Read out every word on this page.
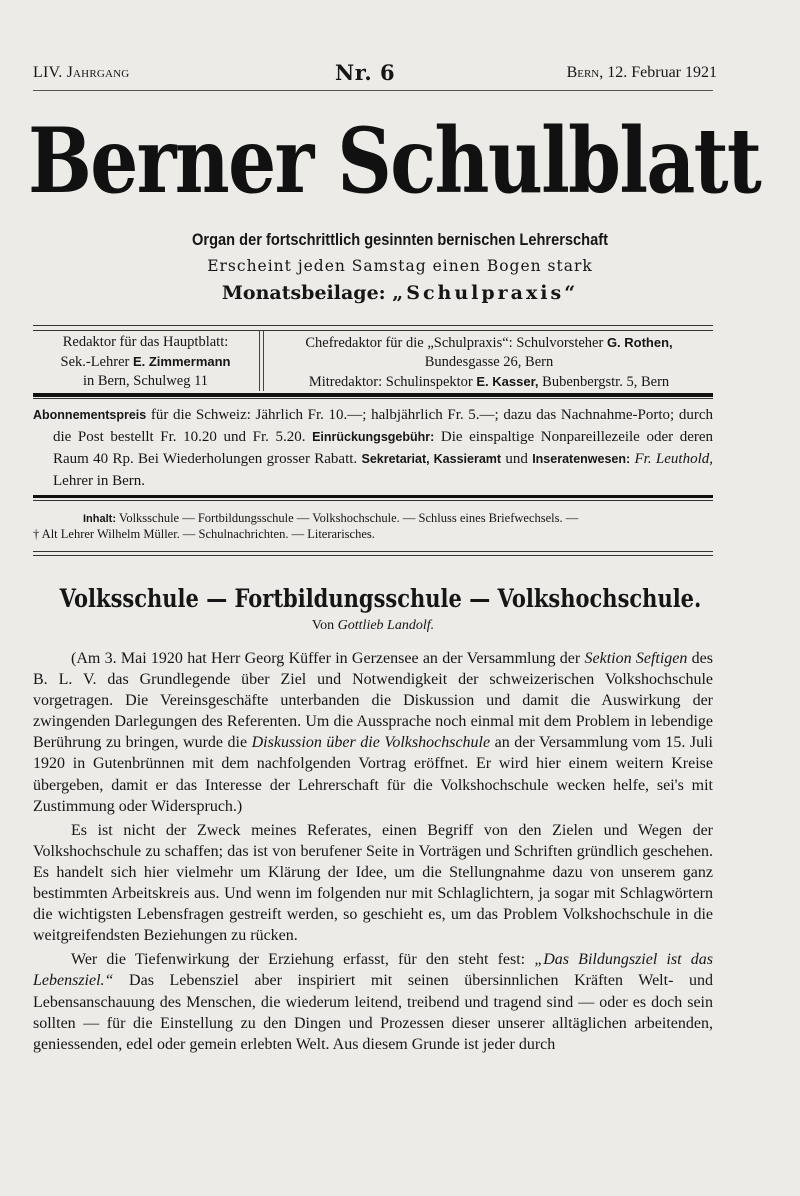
LIV. Jahrgang	Nr. 6	Bern, 12. Februar 1921
Berner Schulblatt
Organ der fortschrittlich gesinnten bernischen Lehrerschaft
Erscheint jeden Samstag einen Bogen stark
Monatsbeilage: „Schulpraxis“
Redaktor für das Hauptblatt:
Sek.-Lehrer E. Zimmermann
in Bern, Schulweg 11
Chefredaktor für die „Schulpraxis“: Schulvorsteher G. Rothen,
Bundesgasse 26, Bern
Mitredaktor: Schulinspektor E. Kasser, Bubenbergstr. 5, Bern

Abonnementspreis für die Schweiz: Jährlich Fr. 10.—; halbjährlich Fr. 5.—; dazu das Nachnahme-Porto; durch die Post bestellt Fr. 10.20 und Fr. 5.20. Einrückungsgebühr: Die einspaltige Nonpareillezeile oder deren Raum 40 Rp. Bei Wiederholungen grosser Rabatt. Sekretariat, Kassieramt und Inseratenwesen: Fr. Leuthold, Lehrer in Bern.

Inhalt: Volksschule — Fortbildungsschule — Volkshochschule. — Schluss eines Briefwechsels. —
† Alt Lehrer Wilhelm Müller. — Schulnachrichten. — Literarisches.
Volksschule — Fortbildungsschule — Volkshochschule.
Von Gottlieb Landolf.

(Am 3. Mai 1920 hat Herr Georg Küffer in Gerzensee an der Versammlung der Sektion Seftigen des B. L. V. das Grundlegende über Ziel und Notwendigkeit der schweizerischen Volkshochschule vorgetragen. Die Vereinsgeschäfte unterbanden die Diskussion und damit die Auswirkung der zwingenden Darlegungen des Referenten. Um die Aussprache noch einmal mit dem Problem in lebendige Berührung zu bringen, wurde die Diskussion über die Volkshochschule an der Versammlung vom 15. Juli 1920 in Gutenbrünnen mit dem nachfolgenden Vortrag eröffnet. Er wird hier einem weitern Kreise übergeben, damit er das Interesse der Lehrerschaft für die Volkshochschule wecken helfe, sei's mit Zustimmung oder Widerspruch.)

Es ist nicht der Zweck meines Referates, einen Begriff von den Zielen und Wegen der Volkshochschule zu schaffen; das ist von berufener Seite in Vorträgen und Schriften gründlich geschehen. Es handelt sich hier vielmehr um Klärung der Idee, um die Stellungnahme dazu von unserem ganz bestimmten Arbeitskreis aus. Und wenn im folgenden nur mit Schlaglichtern, ja sogar mit Schlagwörtern die wichtigsten Lebensfragen gestreift werden, so geschieht es, um das Problem Volkshochschule in die weitgreifendsten Beziehungen zu rücken.

Wer die Tiefenwirkung der Erziehung erfasst, für den steht fest: „Das Bildungsziel ist das Lebensziel.“ Das Lebensziel aber inspiriert mit seinen übersinnlichen Kräften Welt- und Lebensanschauung des Menschen, die wiederum leitend, treibend und tragend sind — oder es doch sein sollten — für die Einstellung zu den Dingen und Prozessen dieser unserer alltäglichen arbeitenden, geniessenden, edel oder gemein erlebten Welt. Aus diesem Grunde ist jeder durch
